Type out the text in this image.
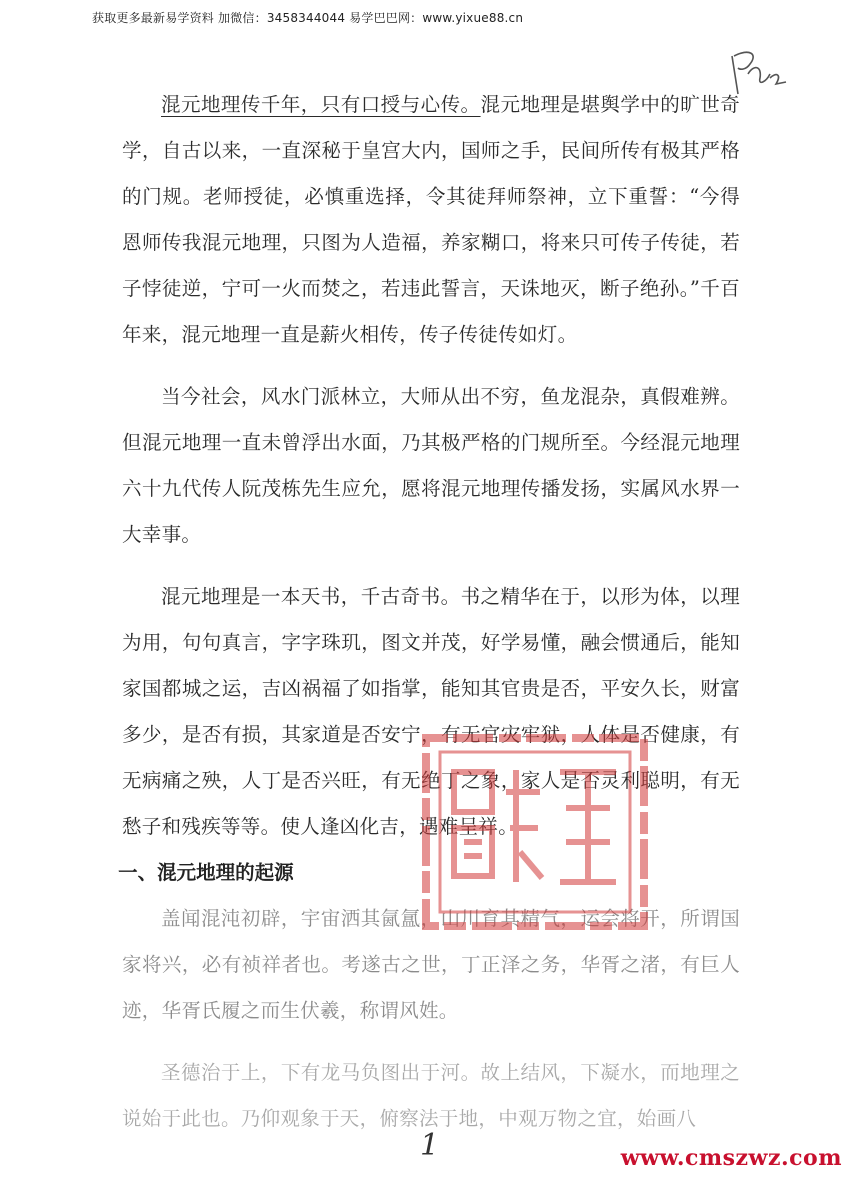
获取更多最新易学资料 加微信：3458344044 易学巴巴网：www.yixue88.cn

混元地理传千年，只有口授与心传。混元地理是堪舆学中的旷世奇学，自古以来，一直深秘于皇宫大内，国师之手，民间所传有极其严格的门规。老师授徒，必慎重选择，令其徒拜师祭神，立下重誓：“今得恩师传我混元地理，只图为人造福，养家糊口，将来只可传子传徒，若子悖徒逆，宁可一火而焚之，若违此誓言，天诛地灭，断子绝孙。”千百年来，混元地理一直是薪火相传，传子传徒传如灯。

当今社会，风水门派林立，大师从出不穷，鱼龙混杂，真假难辨。但混元地理一直未曾浮出水面，乃其极严格的门规所至。今经混元地理六十九代传人阮茂栋先生应允，愿将混元地理传播发扬，实属风水界一大幸事。

混元地理是一本天书，千古奇书。书之精华在于，以形为体，以理为用，句句真言，字字珠玑，图文并茂，好学易懂，融会惯通后，能知家国都城之运，吉凶祸福了如指掌，能知其官贵是否，平安久长，财富多少，是否有损，其家道是否安宁，有无官灾牢狱，人体是否健康，有无病痛之殃，人丁是否兴旺，有无绝丁之象，家人是否灵利聪明，有无愁子和残疾等等。使人逢凶化吉，遇难呈祥。

一、混元地理的起源

盖闻混沌初辟，宇宙洒其氤氲，山川育其精气，运会将开，所谓国家将兴，必有祯祥者也。考遂古之世，丁正泽之务，华胥之渚，有巨人迹，华胥氏履之而生伏羲，称谓风姓。

圣德治于上，下有龙马负图出于河。故上结风，下凝水，而地理之说始于此也。乃仰观象于天，俯察法于地，中观万物之宜，始画八

1	www.cmszwz.com
